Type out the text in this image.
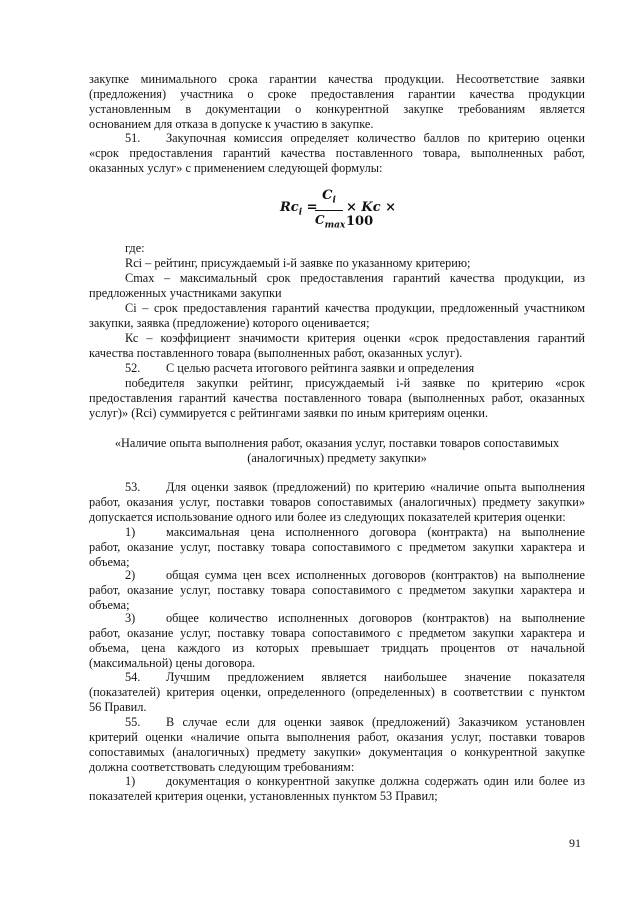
закупке минимального срока гарантии качества продукции. Несоответствие заявки
(предложения) участника о сроке предоставления гарантии качества продукции
установленным в документации о конкурентной закупке требованиям является
основанием для отказа в допуске к участию в закупке.
51. Закупочная комиссия определяет количество баллов по критерию оценки
«срок предоставления гарантий качества поставленного товара, выполненных работ,
оказанных услуг» с применением следующей формулы:
$Rc_i$ =
$C_i$
$C_{max}$
× Kc × 100
где:
Rci – рейтинг, присуждаемый i-й заявке по указанному критерию;
Cmax – максимальный срок предоставления гарантий качества продукции, из
предложенных участниками закупки
Ci – срок предоставления гарантий качества продукции, предложенный участником
закупки, заявка (предложение) которого оценивается;
Кс – коэффициент значимости критерия оценки «срок предоставления гарантий
качества поставленного товара (выполненных работ, оказанных услуг).
52. С целью расчета итогового рейтинга заявки и определения
победителя закупки рейтинг, присуждаемый i-й заявке по критерию «срок
предоставления гарантий качества поставленного товара (выполненных работ, оказанных
услуг)» (Rci) суммируется с рейтингами заявки по иным критериям оценки.
«Наличие опыта выполнения работ, оказания услуг, поставки товаров сопоставимых
(аналогичных) предмету закупки»
53. Для оценки заявок (предложений) по критерию «наличие опыта выполнения
работ, оказания услуг, поставки товаров сопоставимых (аналогичных) предмету закупки»
допускается использование одного или более из следующих показателей критерия оценки:
1)	максимальная цена исполненного договора (контракта) на выполнение
работ, оказание услуг, поставку товара сопоставимого с предметом закупки характера и
объема;
2)	общая сумма цен всех исполненных договоров (контрактов) на выполнение
работ, оказание услуг, поставку товара сопоставимого с предметом закупки характера и
объема;
3)	общее количество исполненных договоров (контрактов) на выполнение
работ, оказание услуг, поставку товара сопоставимого с предметом закупки характера и
объема, цена каждого из которых превышает тридцать процентов от начальной
(максимальной) цены договора.
54. Лучшим предложением является наибольшее значение показателя
(показателей) критерия оценки, определенного (определенных) в соответствии с пунктом
56 Правил.
55. В случае если для оценки заявок (предложений) Заказчиком установлен
критерий оценки «наличие опыта выполнения работ, оказания услуг, поставки товаров
сопоставимых (аналогичных) предмету закупки» документация о конкурентной закупке
должна соответствовать следующим требованиям:
1)	документация о конкурентной закупке должна содержать один или более из
показателей критерия оценки, установленных пунктом 53 Правил;
91
